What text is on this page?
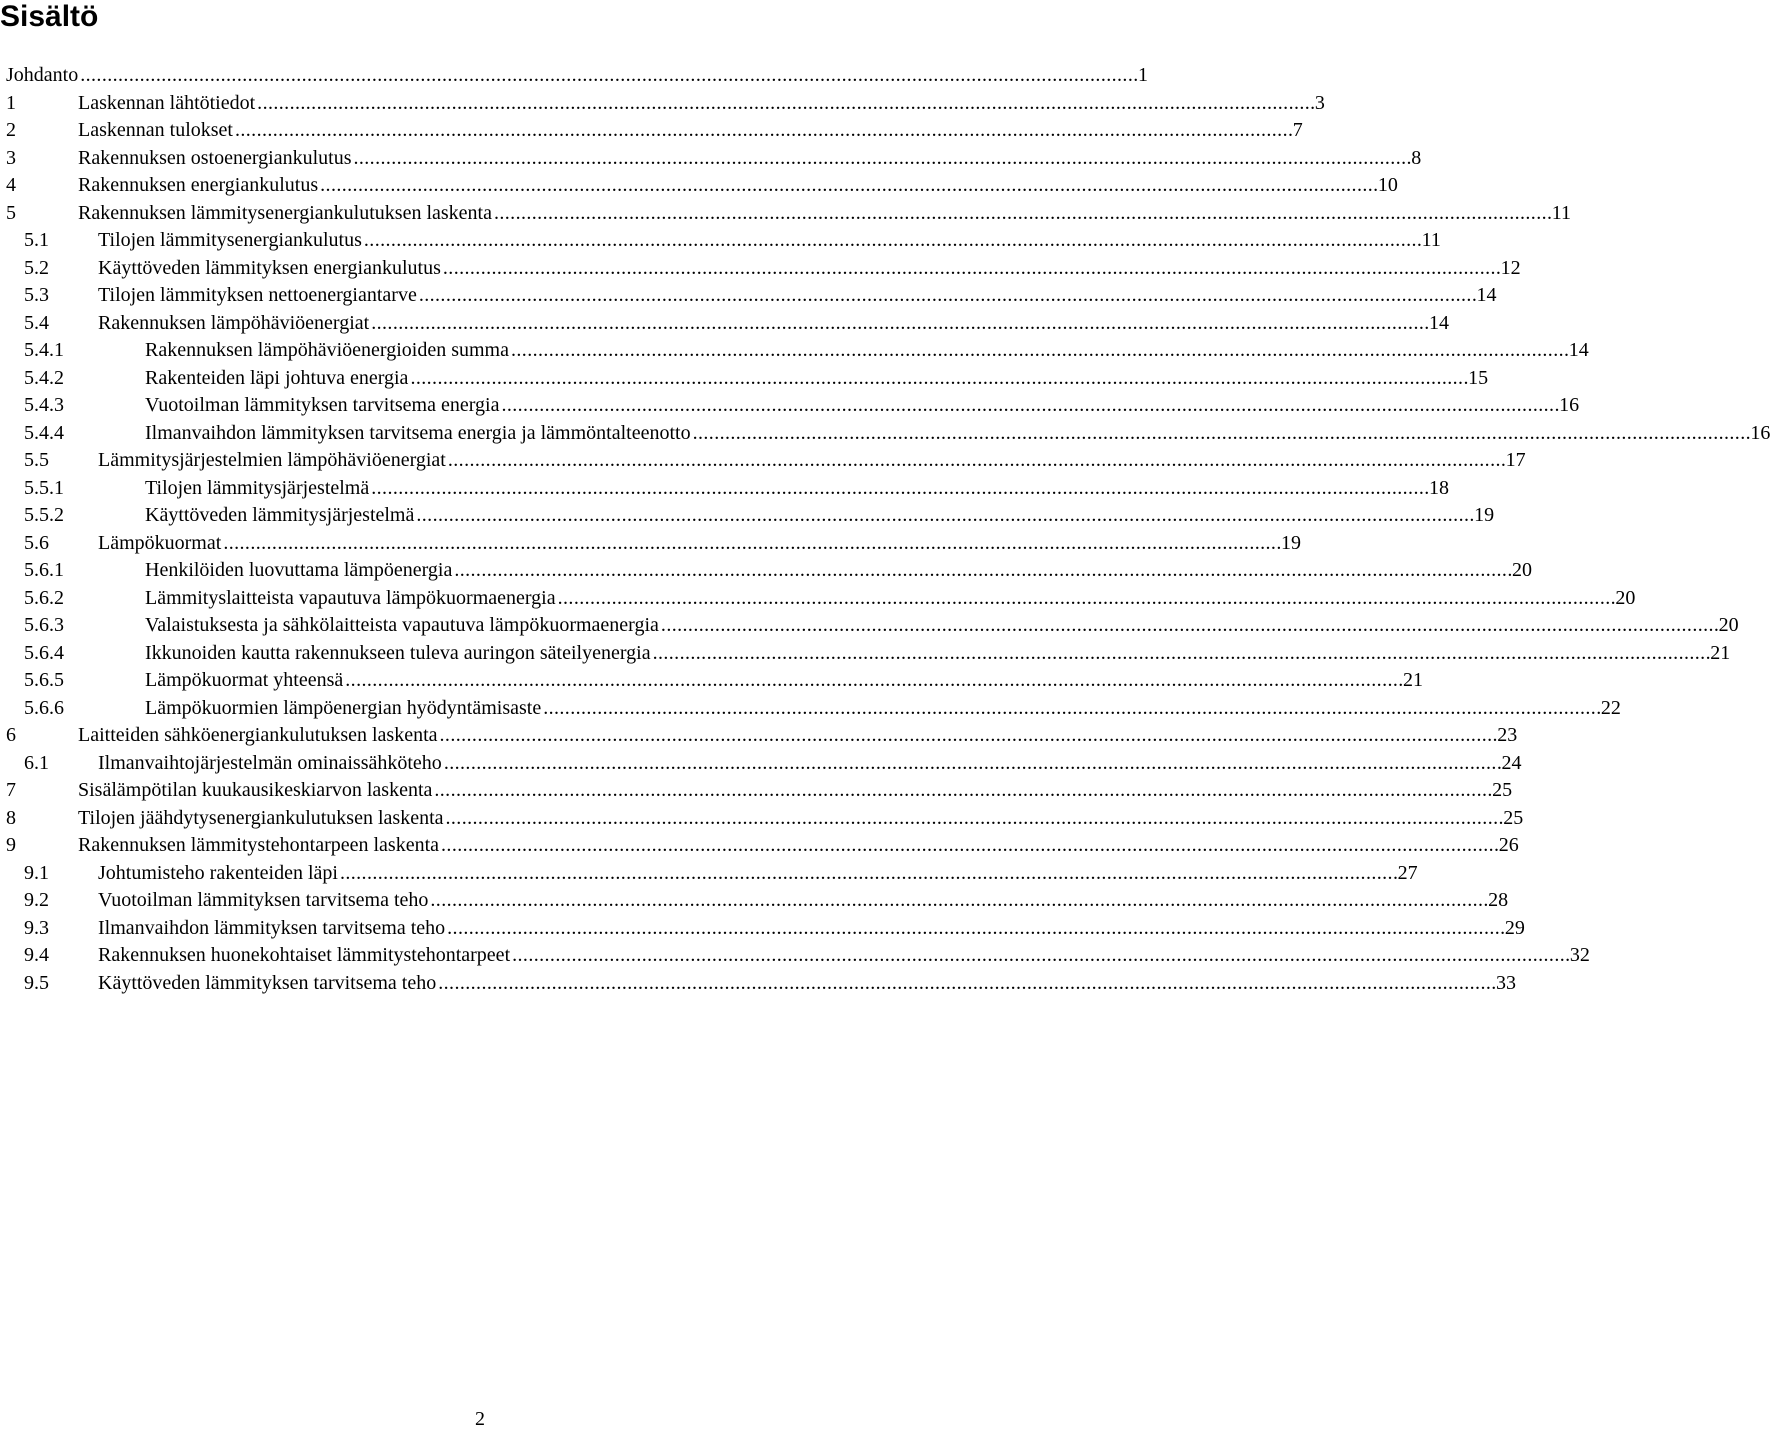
Sisältö
Johdanto . . .	1
1	Laskennan lähtötiedot . . .	3
2	Laskennan tulokset . . .	7
3	Rakennuksen ostoenergiankulutus . . .	8
4	Rakennuksen energiankulutus . . .	10
5	Rakennuksen lämmitysenergiankulutuksen laskenta . . .	11
5.1 Tilojen lämmitysenergiankulutus . . .	11
5.2 Käyttöveden lämmityksen energiankulutus . . .	12
5.3 Tilojen lämmityksen nettoenergiantarve . . .	14
5.4 Rakennuksen lämpöhäviöenergiat . . .	14
5.4.1	Rakennuksen lämpöhäviöenergioiden summa . . .	14
5.4.2	Rakenteiden läpi johtuva energia . . .	15
5.4.3	Vuotoilman lämmityksen tarvitsema energia . . .	16
5.4.4	Ilmanvaihdon lämmityksen tarvitsema energia ja lämmöntalteenotto . . .	16
5.5 Lämmitysjärjestelmien lämpöhäviöenergiat . . .	17
5.5.1	Tilojen lämmitysjärjestelmä . . .	18
5.5.2	Käyttöveden lämmitysjärjestelmä . . .	19
5.6 Lämpökuormat . . .	19
5.6.1	Henkilöiden luovuttama lämpöenergia . . .	20
5.6.2	Lämmityslaitteista vapautuva lämpökuormaenergia . . .	20
5.6.3	Valaistuksesta ja sähkölaitteista vapautuva lämpökuormaenergia . . .	20
5.6.4	Ikkunoiden kautta rakennukseen tuleva auringon säteilyenergia . . .	21
5.6.5	Lämpökuormat yhteensä . . .	21
5.6.6	Lämpökuormien lämpöenergian hyödyntämisaste . . .	22
6	Laitteiden sähköenergiankulutuksen laskenta . . .	23
6.1 Ilmanvaihtojärjestelmän ominaissähköteho . . .	24
7	Sisälämpötilan kuukausikeskiarvon laskenta . . .	25
8	Tilojen jäähdytysenergiankulutuksen laskenta . . .	25
9	Rakennuksen lämmitystehontarpeen laskenta . . .	26
9.1 Johtumisteho rakenteiden läpi . . .	27
9.2 Vuotoilman lämmityksen tarvitsema teho . . .	28
9.3 Ilmanvaihdon lämmityksen tarvitsema teho . . .	29
9.4 Rakennuksen huonekohtaiset lämmitystehontarpeet . . .	32
9.5 Käyttöveden lämmityksen tarvitsema teho . . .	33
2
